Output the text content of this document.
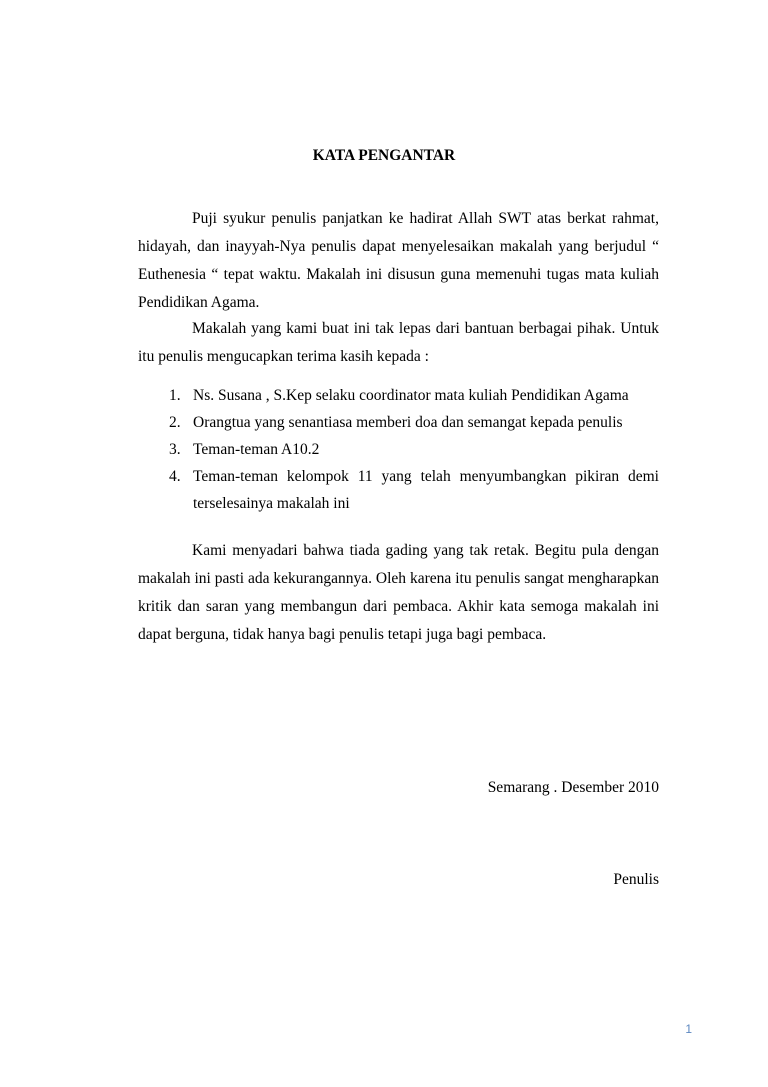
KATA PENGANTAR

Puji syukur penulis panjatkan ke hadirat Allah SWT atas berkat rahmat, hidayah, dan inayyah-Nya penulis dapat menyelesaikan makalah yang berjudul “ Euthenesia “ tepat waktu. Makalah ini disusun guna memenuhi tugas mata kuliah Pendidikan Agama.

Makalah yang kami buat ini tak lepas dari bantuan berbagai pihak. Untuk itu penulis mengucapkan terima kasih kepada :

1. Ns. Susana , S.Kep selaku coordinator mata kuliah Pendidikan Agama
2. Orangtua yang senantiasa memberi doa dan semangat kepada penulis
3. Teman-teman A10.2
4. Teman-teman kelompok 11 yang telah menyumbangkan pikiran demi terselesainya makalah ini

Kami menyadari bahwa tiada gading yang tak retak. Begitu pula dengan makalah ini pasti ada kekurangannya. Oleh karena itu penulis sangat mengharapkan kritik dan saran yang membangun dari pembaca. Akhir kata semoga makalah ini dapat berguna, tidak hanya bagi penulis tetapi juga bagi pembaca.

Semarang . Desember 2010
Penulis
1
